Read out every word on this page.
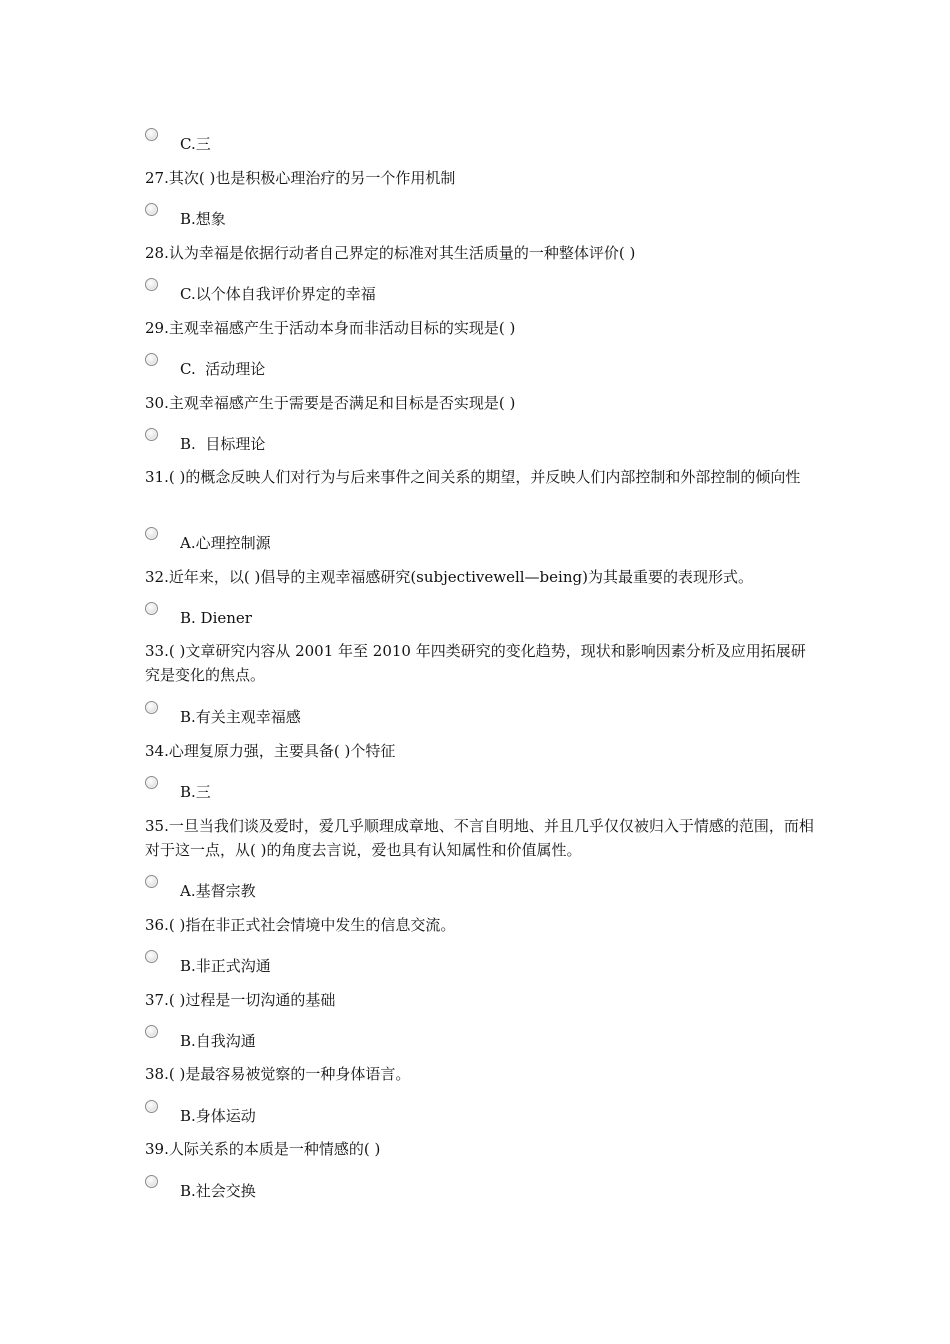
C.三
27.其次( )也是积极心理治疗的另一个作用机制
B.想象
28.认为幸福是依据行动者自己界定的标准对其生活质量的一种整体评价( )
C.以个体自我评价界定的幸福
29.主观幸福感产生于活动本身而非活动目标的实现是( )
C.  活动理论
30.主观幸福感产生于需要是否满足和目标是否实现是( )
B.  目标理论
31.( )的概念反映人们对行为与后来事件之间关系的期望，并反映人们内部控制和外部控制的倾向性
A.心理控制源
32.近年来，以( )倡导的主观幸福感研究(subjectivewell—being)为其最重要的表现形式。
B. Diener
33.( )文章研究内容从 2001 年至 2010 年四类研究的变化趋势，现状和影响因素分析及应用拓展研究是变化的焦点。
B.有关主观幸福感
34.心理复原力强，主要具备( )个特征
B.三
35.一旦当我们谈及爱时，爱几乎顺理成章地、不言自明地、并且几乎仅仅被归入于情感的范围，而相对于这一点，从( )的角度去言说，爱也具有认知属性和价值属性。
A.基督宗教
36.( )指在非正式社会情境中发生的信息交流。
B.非正式沟通
37.( )过程是一切沟通的基础
B.自我沟通
38.( )是最容易被觉察的一种身体语言。
B.身体运动
39.人际关系的本质是一种情感的( )
B.社会交换
